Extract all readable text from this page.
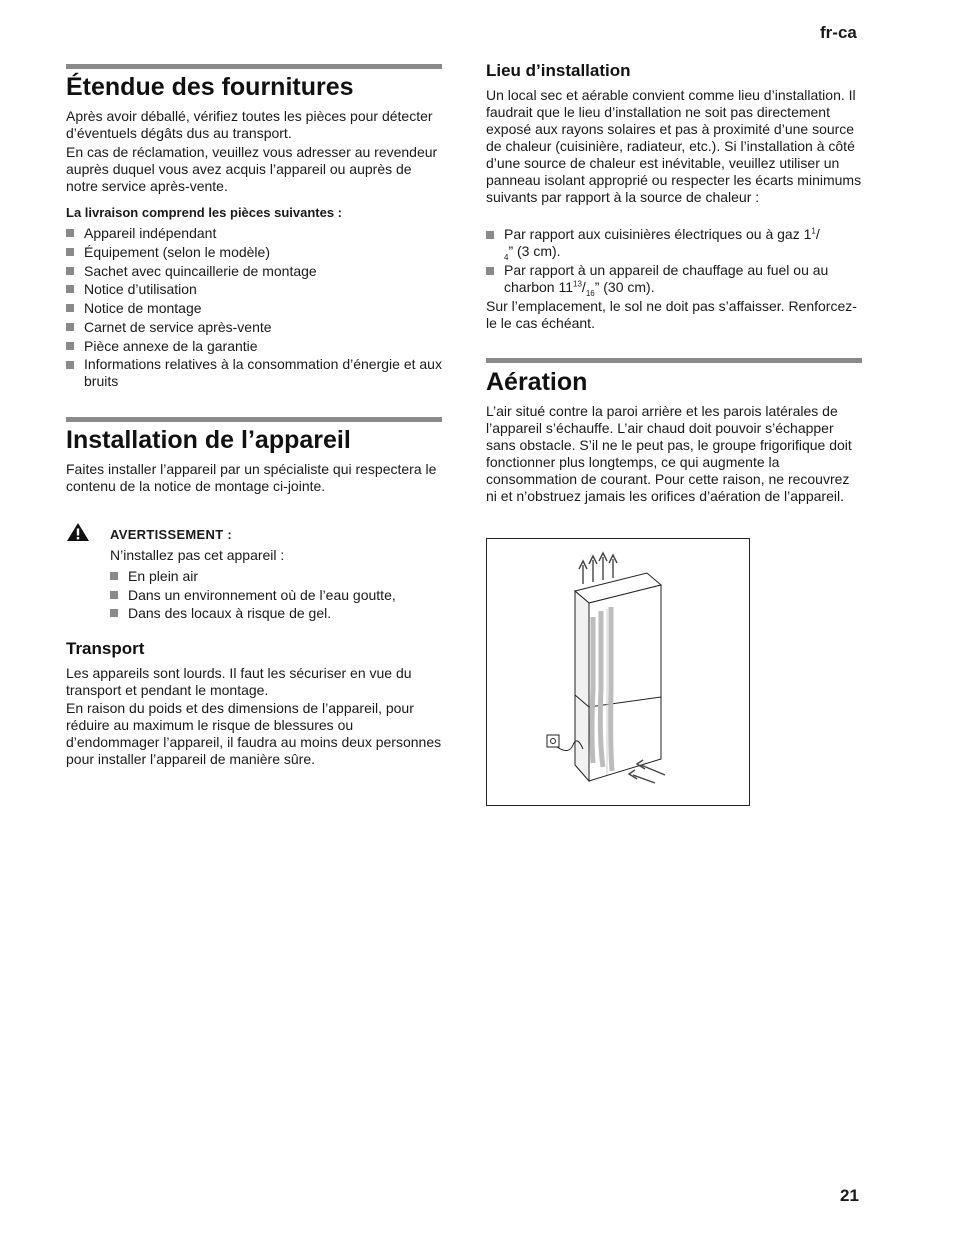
fr-ca
Étendue des fournitures

Après avoir déballé, vérifiez toutes les pièces pour détecter d’éventuels dégâts dus au transport.

En cas de réclamation, veuillez vous adresser au revendeur auprès duquel vous avez acquis l’appareil ou auprès de notre service après-vente.

La livraison comprend les pièces suivantes :

Appareil indépendant
Équipement (selon le modèle)
Sachet avec quincaillerie de montage
Notice d’utilisation
Notice de montage
Carnet de service après-vente
Pièce annexe de la garantie
Informations relatives à la consommation d’énergie et aux bruits
Installation de l’appareil

Faites installer l’appareil par un spécialiste qui respectera le contenu de la notice de montage ci-jointe.

AVERTISSEMENT :
N’installez pas cet appareil :
En plein air
Dans un environnement où de l’eau goutte,
Dans des locaux à risque de gel.
Transport

Les appareils sont lourds. Il faut les sécuriser en vue du transport et pendant le montage.

En raison du poids et des dimensions de l’appareil, pour réduire au maximum le risque de blessures ou d’endommager l’appareil, il faudra au moins deux personnes pour installer l’appareil de manière sûre.

Lieu d’installation

Un local sec et aérable convient comme lieu d’installation. Il faudrait que le lieu d’installation ne soit pas directement exposé aux rayons solaires et pas à proximité d’une source de chaleur (cuisinière, radiateur, etc.). Si l’installation à côté d’une source de chaleur est inévitable, veuillez utiliser un panneau isolant approprié ou respecter les écarts minimums suivants par rapport à la source de chaleur :

Par rapport aux cuisinières électriques ou à gaz $1^1/$
$_4$” (3 cm).
Par rapport à un appareil de chauffage au fuel ou au charbon $11^{13}/_{16}$” (30 cm).

Sur l’emplacement, le sol ne doit pas s’affaisser. Renforcez-le le cas échéant.

Aération

L’air situé contre la paroi arrière et les parois latérales de l’appareil s’échauffe. L’air chaud doit pouvoir s’échapper sans obstacle. S’il ne le peut pas, le groupe frigorifique doit fonctionner plus longtemps, ce qui augmente la consommation de courant. Pour cette raison, ne recouvrez ni et n’obstruez jamais les orifices d’aération de l’appareil.

21
